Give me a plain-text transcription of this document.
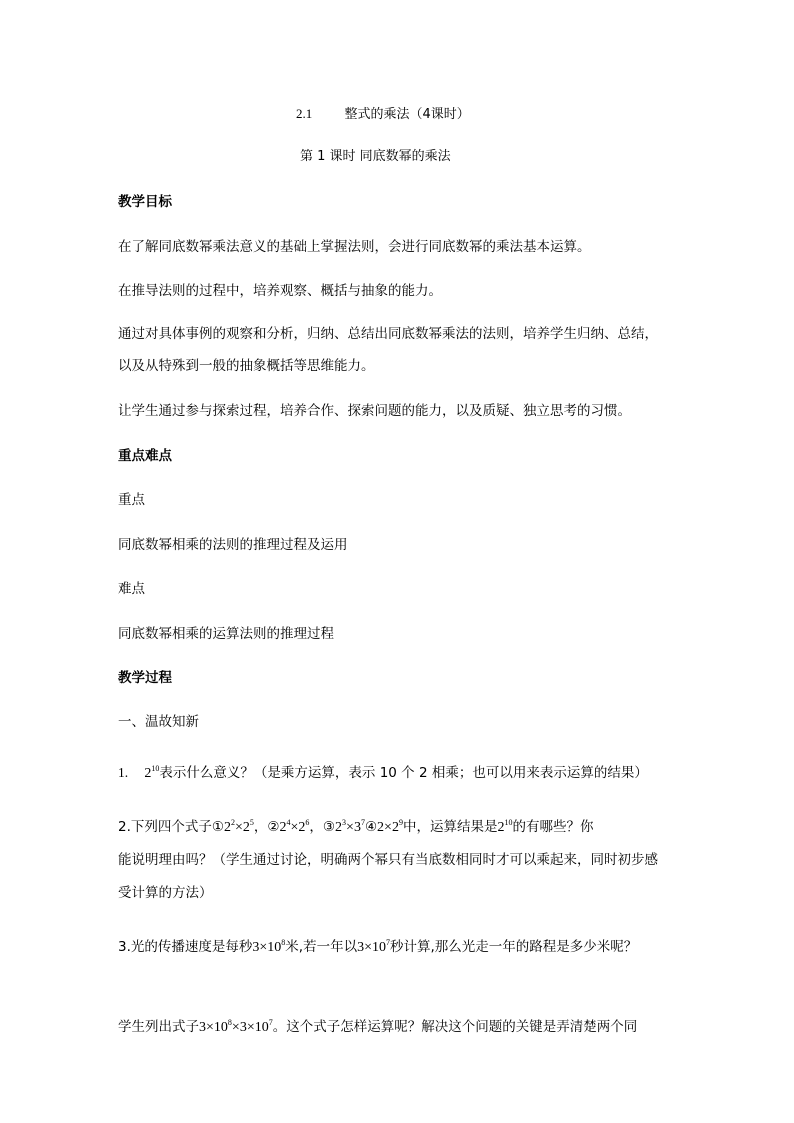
2.1 整式的乘法（4课时）
第 1 课时 同底数幂的乘法
教学目标
在了解同底数幂乘法意义的基础上掌握法则，会进行同底数幂的乘法基本运算。
在推导法则的过程中，培养观察、概括与抽象的能力。
通过对具体事例的观察和分析，归纳、总结出同底数幂乘法的法则，培养学生归纳、总结，
以及从特殊到一般的抽象概括等思维能力。
让学生通过参与探索过程，培养合作、探索问题的能力，以及质疑、独立思考的习惯。
重点难点
重点
同底数幂相乘的法则的推理过程及运用
难点
同底数幂相乘的运算法则的推理过程
教学过程
一、温故知新
1. $2^{10}$表示什么意义？（是乘方运算，表示 10 个 2 相乘；也可以用来表示运算的结果）
2.下列四个式子$①2^2\times 2^5$，$②2^4\times 2^6$，$③2^3\times 3^7④2\times 2^9$中，运算结果是$2^{10}$的有哪些？你
能说明理由吗？（学生通过讨论，明确两个幂只有当底数相同时才可以乘起来，同时初步感
受计算的方法）
3.光的传播速度是每秒$3\times 10^8$米,若一年以$3\times 10^7$秒计算,那么光走一年的路程是多少米呢？
学生列出式子$3\times 10^8\times 3\times 10^7$。这个式子怎样运算呢？解决这个问题的关键是弄清楚两个同
